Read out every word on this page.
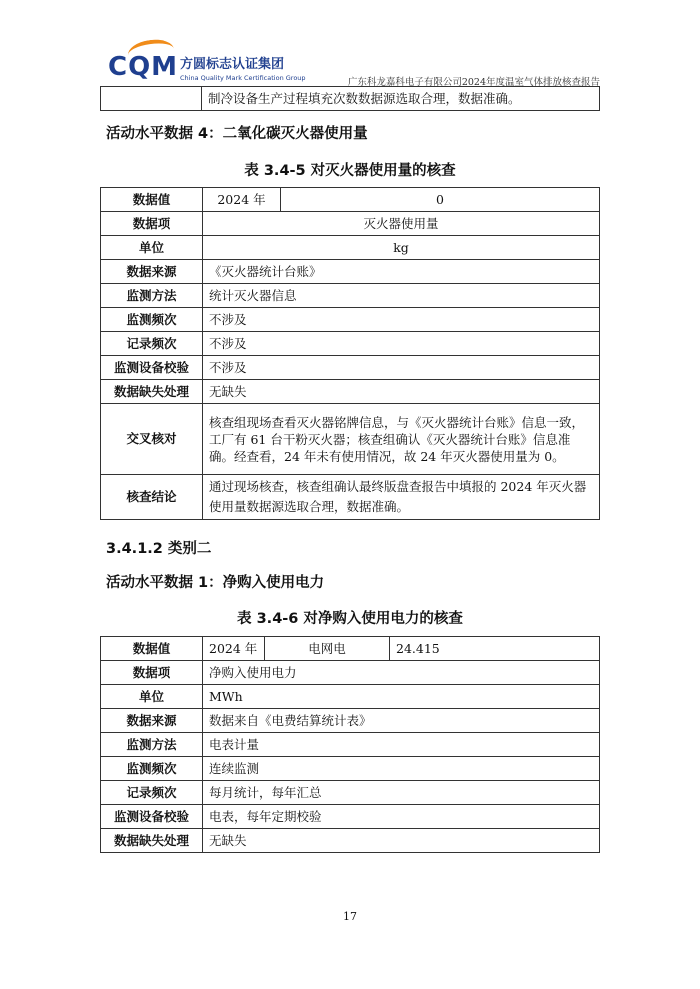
CQM 方圆标志认证集团
China Quality Mark Certification Group	广东科龙嘉科电子有限公司2024年度温室气体排放核查报告
	制冷设备生产过程填充次数数据源选取合理，数据准确。
活动水平数据 4：二氧化碳灭火器使用量
表 3.4-5 对灭火器使用量的核查
数据值	2024 年	0
数据项	灭火器使用量	
单位	kg	
数据来源	《灭火器统计台账》	
监测方法	统计灭火器信息	
监测频次	不涉及	
记录频次	不涉及	
监测设备校验	不涉及	
数据缺失处理	无缺失	
交叉核对	核查组现场查看灭火器铭牌信息，与《灭火器统计台账》信息一致，工厂有 61 台干粉灭火器；核查组确认《灭火器统计台账》信息准确。经查看，24 年未有使用情况，故 24 年灭火器使用量为 0。	
核查结论	通过现场核查，核查组确认最终版盘查报告中填报的 2024 年灭火器使用量数据源选取合理，数据准确。	
3.4.1.2 类别二
活动水平数据 1：净购入使用电力
表 3.4-6 对净购入使用电力的核查
数据值	2024 年	电网电	24.415
数据项	净购入使用电力		
单位	MWh		
数据来源	数据来自《电费结算统计表》		
监测方法	电表计量		
监测频次	连续监测		
记录频次	每月统计，每年汇总		
监测设备校验	电表，每年定期校验		
数据缺失处理	无缺失		
17
